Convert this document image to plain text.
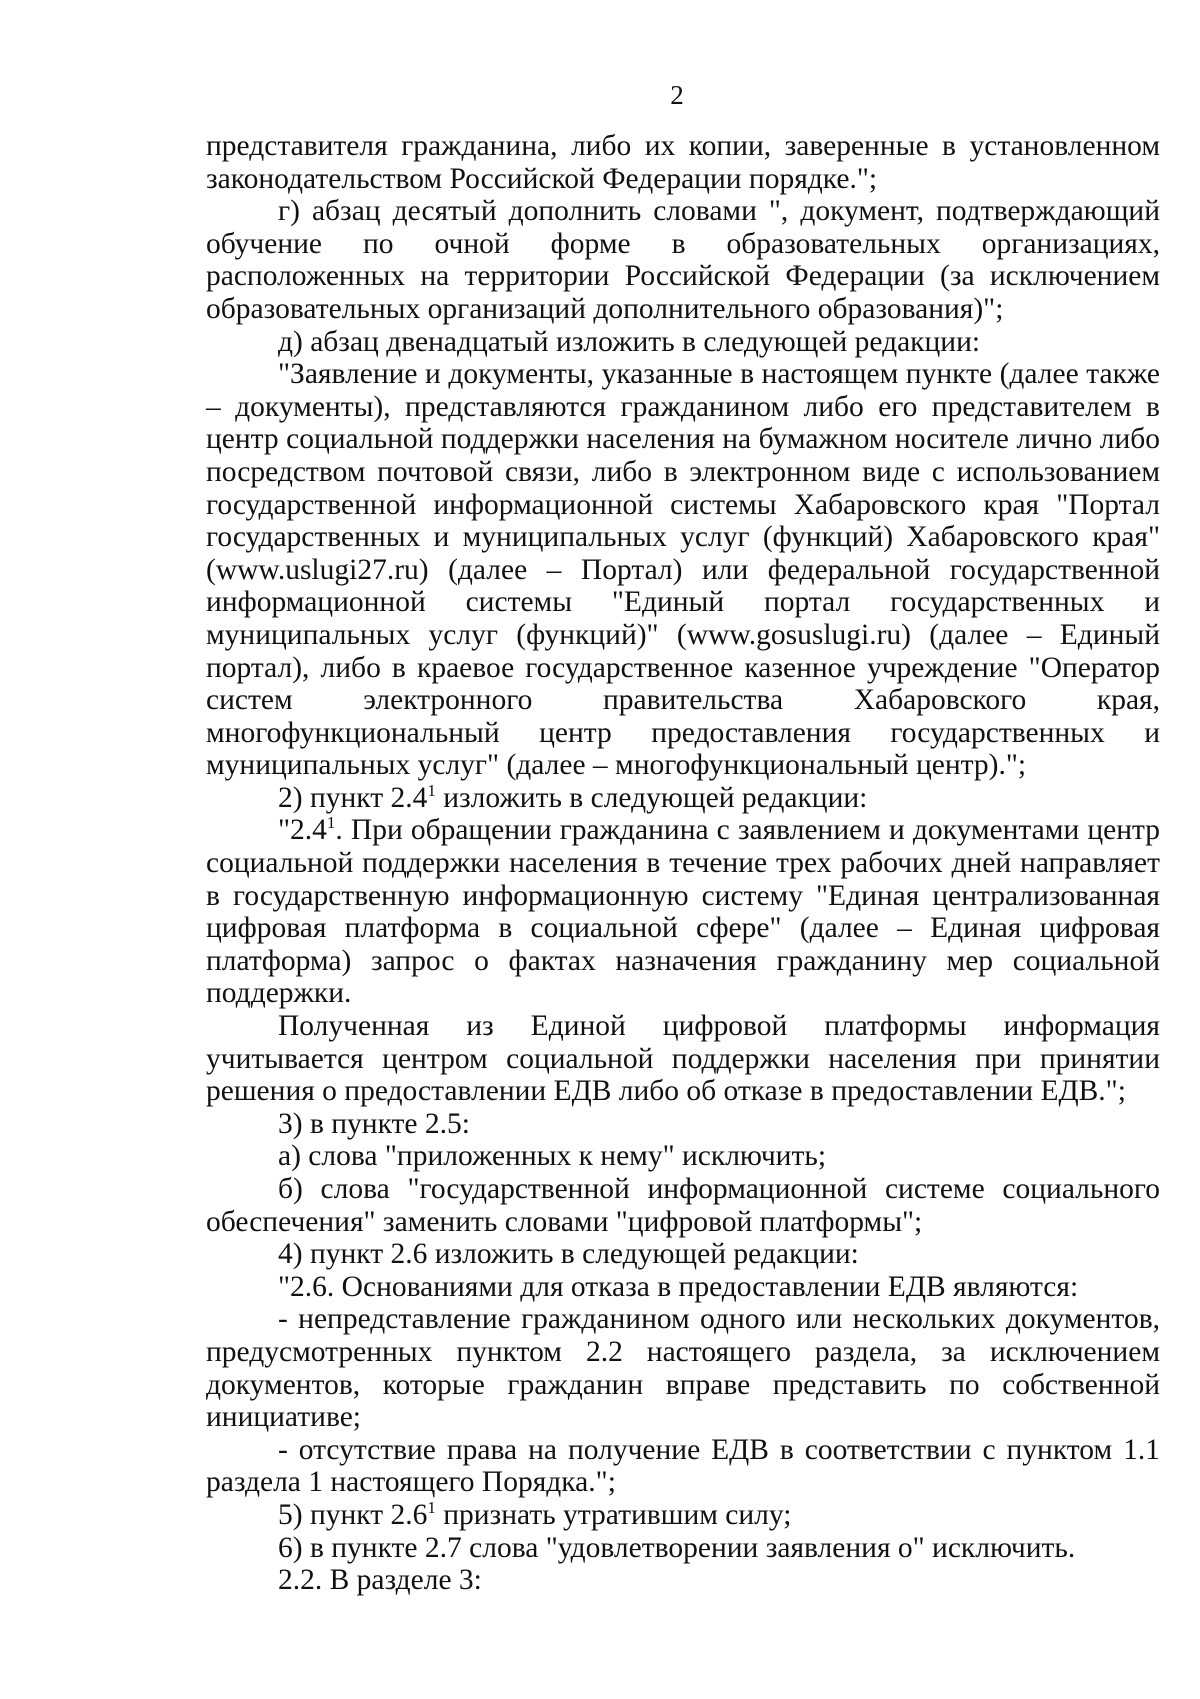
2

представителя гражданина, либо их копии, заверенные в установленном законодательством Российской Федерации порядке.";

г) абзац десятый дополнить словами ", документ, подтверждающий обучение по очной форме в образовательных организациях, расположенных на территории Российской Федерации (за исключением образовательных организаций дополнительного образования)";

д) абзац двенадцатый изложить в следующей редакции:

"Заявление и документы, указанные в настоящем пункте (далее также – документы), представляются гражданином либо его представителем в центр социальной поддержки населения на бумажном носителе лично либо посредством почтовой связи, либо в электронном виде с использованием государственной информационной системы Хабаровского края "Портал государственных и муниципальных услуг (функций) Хабаровского края" (www.uslugi27.ru) (далее – Портал) или федеральной государственной информационной системы "Единый портал государственных и муниципальных услуг (функций)" (www.gosuslugi.ru) (далее – Единый портал), либо в краевое государственное казенное учреждение "Оператор систем электронного правительства Хабаровского края, многофункциональный центр предоставления государственных и муниципальных услуг" (далее – многофункциональный центр).";

2) пункт $2.4^1$ изложить в следующей редакции:

"$2.4^1$. При обращении гражданина с заявлением и документами центр социальной поддержки населения в течение трех рабочих дней направляет в государственную информационную систему "Единая централизованная цифровая платформа в социальной сфере" (далее – Единая цифровая платформа) запрос о фактах назначения гражданину мер социальной поддержки.

Полученная из Единой цифровой платформы информация учитывается центром социальной поддержки населения при принятии решения о предоставлении ЕДВ либо об отказе в предоставлении ЕДВ.";

3) в пункте 2.5:

а) слова "приложенных к нему" исключить;

б) слова "государственной информационной системе социального обеспечения" заменить словами "цифровой платформы";

4) пункт 2.6 изложить в следующей редакции:

"2.6. Основаниями для отказа в предоставлении ЕДВ являются:

- непредставление гражданином одного или нескольких документов, предусмотренных пунктом 2.2 настоящего раздела, за исключением документов, которые гражданин вправе представить по собственной инициативе;

- отсутствие права на получение ЕДВ в соответствии с пунктом 1.1 раздела 1 настоящего Порядка.";

5) пункт $2.6^1$ признать утратившим силу;

6) в пункте 2.7 слова "удовлетворении заявления о" исключить.

2.2. В разделе 3:
